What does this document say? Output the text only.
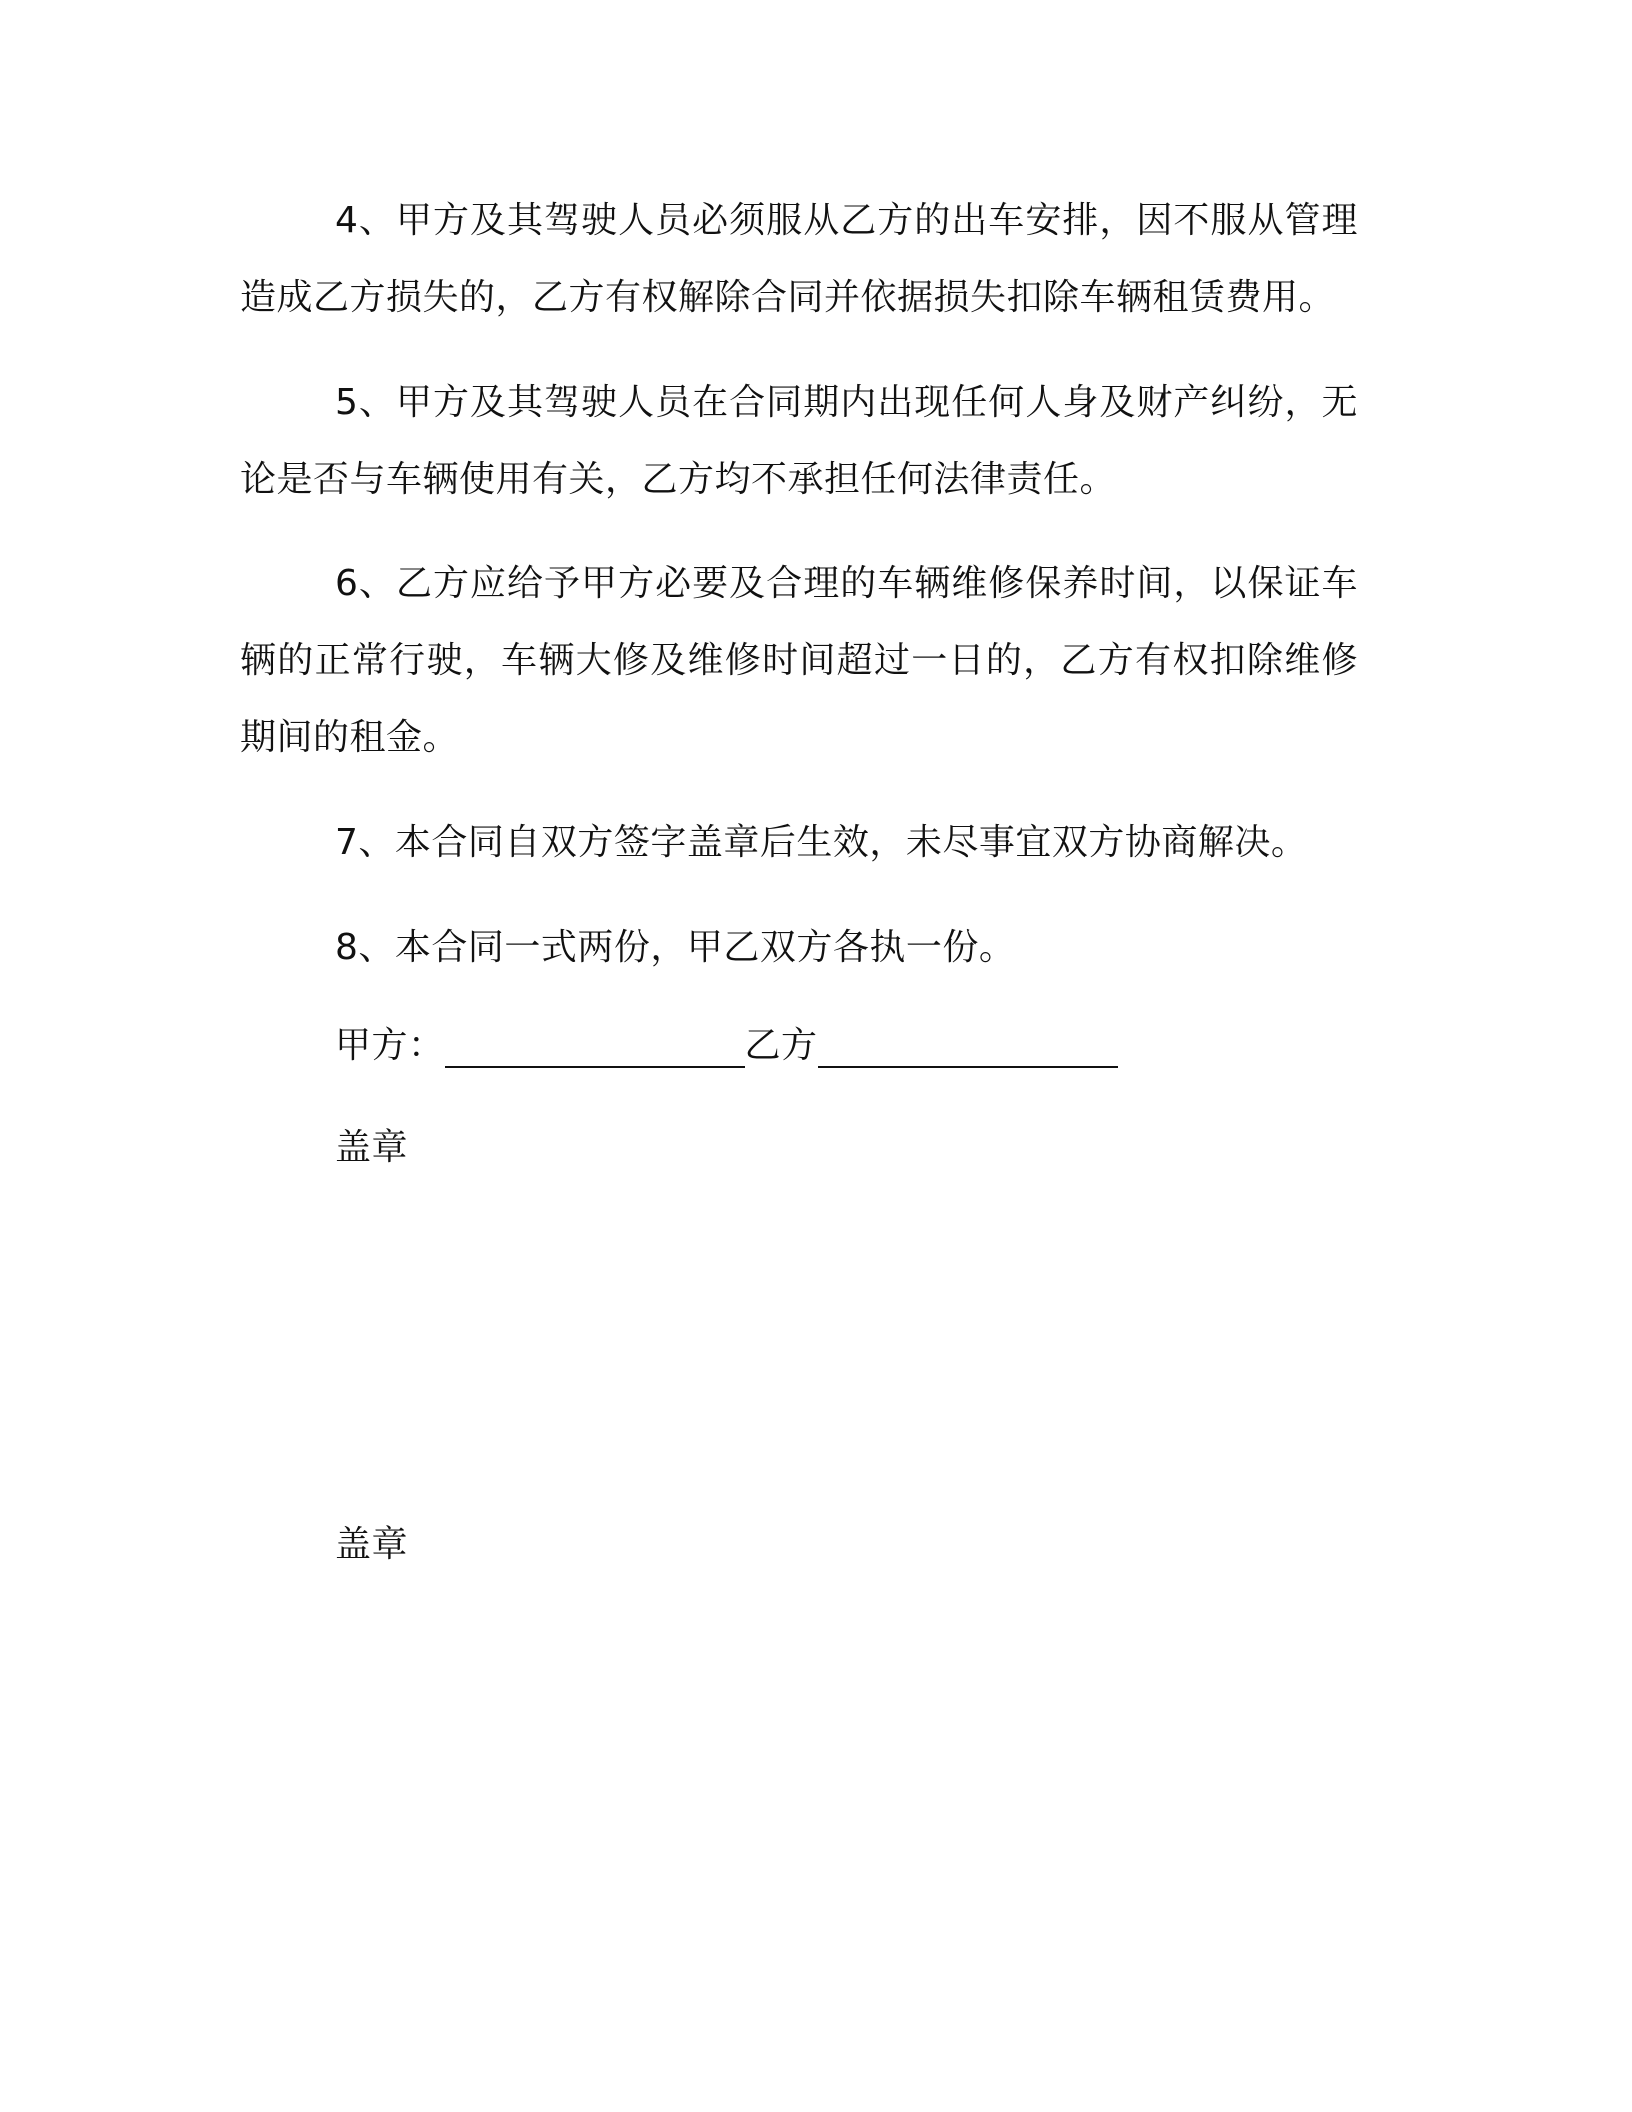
4、甲方及其驾驶人员必须服从乙方的出车安排，因不服从管理造成乙方损失的，乙方有权解除合同并依据损失扣除车辆租赁费用。

5、甲方及其驾驶人员在合同期内出现任何人身及财产纠纷，无论是否与车辆使用有关，乙方均不承担任何法律责任。

6、乙方应给予甲方必要及合理的车辆维修保养时间，以保证车辆的正常行驶，车辆大修及维修时间超过一日的，乙方有权扣除维修期间的租金。

7、本合同自双方签字盖章后生效，未尽事宜双方协商解决。

8、本合同一式两份，甲乙双方各执一份。

甲方：	乙方
盖章
盖章
